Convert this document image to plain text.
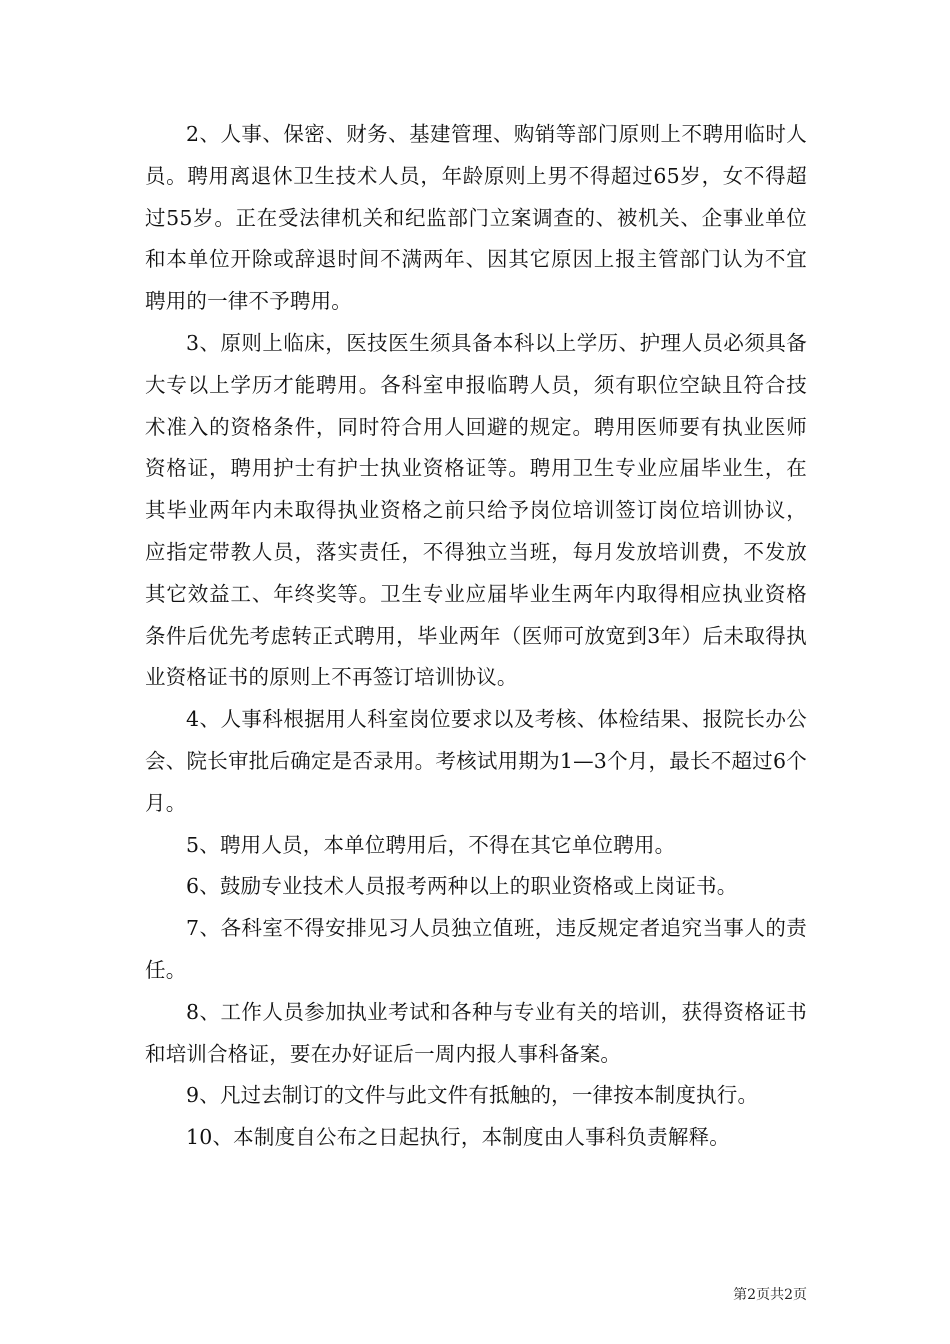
2、人事、保密、财务、基建管理、购销等部门原则上不聘用临时人员。聘用离退休卫生技术人员，年龄原则上男不得超过65岁，女不得超过55岁。正在受法律机关和纪监部门立案调查的、被机关、企事业单位和本单位开除或辞退时间不满两年、因其它原因上报主管部门认为不宜聘用的一律不予聘用。

3、原则上临床，医技医生须具备本科以上学历、护理人员必须具备大专以上学历才能聘用。各科室申报临聘人员，须有职位空缺且符合技术准入的资格条件，同时符合用人回避的规定。聘用医师要有执业医师资格证，聘用护士有护士执业资格证等。聘用卫生专业应届毕业生，在其毕业两年内未取得执业资格之前只给予岗位培训签订岗位培训协议，应指定带教人员，落实责任，不得独立当班，每月发放培训费，不发放其它效益工、年终奖等。卫生专业应届毕业生两年内取得相应执业资格条件后优先考虑转正式聘用，毕业两年（医师可放宽到3年）后未取得执业资格证书的原则上不再签订培训协议。

4、人事科根据用人科室岗位要求以及考核、体检结果、报院长办公会、院长审批后确定是否录用。考核试用期为1—3个月，最长不超过6个月。

5、聘用人员，本单位聘用后，不得在其它单位聘用。

6、鼓励专业技术人员报考两种以上的职业资格或上岗证书。

7、各科室不得安排见习人员独立值班，违反规定者追究当事人的责任。

8、工作人员参加执业考试和各种与专业有关的培训，获得资格证书和培训合格证，要在办好证后一周内报人事科备案。

9、凡过去制订的文件与此文件有抵触的，一律按本制度执行。

10、本制度自公布之日起执行，本制度由人事科负责解释。

第2页共2页
